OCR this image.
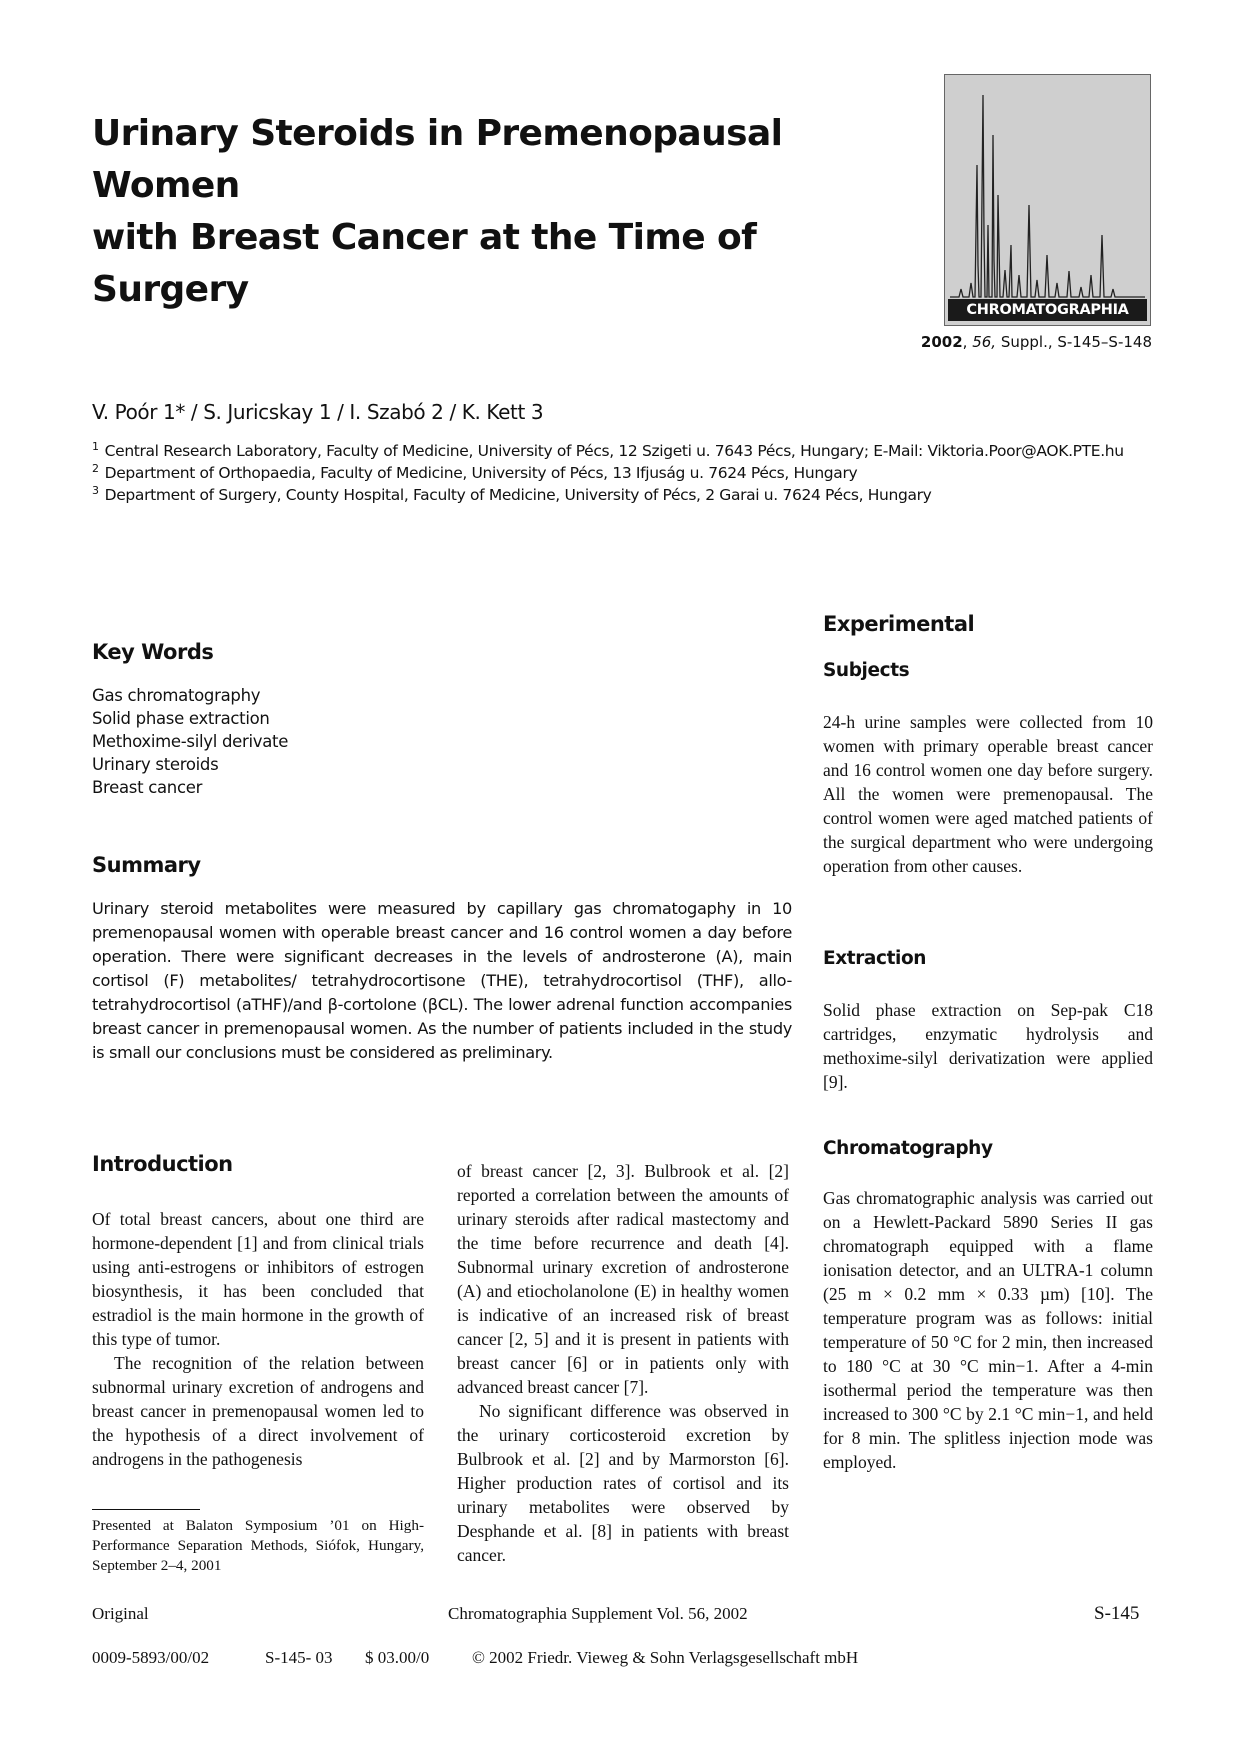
Urinary Steroids in Premenopausal Women
with Breast Cancer at the Time of Surgery	CHROMATOGRAPHIA
2002, 56, Suppl., S-145–S-148
V. Poór 1* / S. Juricskay 1 / I. Szabó 2 / K. Kett 3
$^1$ Central Research Laboratory, Faculty of Medicine, University of Pécs, 12 Szigeti u. 7643 Pécs, Hungary; E-Mail: Viktoria.Poor@AOK.PTE.hu
$^2$ Department of Orthopaedia, Faculty of Medicine, University of Pécs, 13 Ifjuság u. 7624 Pécs, Hungary
$^3$ Department of Surgery, County Hospital, Faculty of Medicine, University of Pécs, 2 Garai u. 7624 Pécs, Hungary
Key Words
Gas chromatography
Solid phase extraction
Methoxime-silyl derivate
Urinary steroids
Breast cancer
Summary
Urinary steroid metabolites were measured by capillary gas chromatogaphy in 10 premenopausal women with operable breast cancer and 16 control women a day before operation. There were significant decreases in the levels of androsterone (A), main cortisol (F) metabolites/ tetrahydrocortisone (THE), tetrahydrocortisol (THF), allo-tetrahydrocortisol (aTHF)/and β-cortolone (βCL). The lower adrenal function accompanies breast cancer in premenopausal women. As the number of patients included in the study is small our conclusions must be considered as preliminary.
Introduction

Of total breast cancers, about one third are hormone-dependent [1] and from clinical trials using anti-estrogens or inhibitors of estrogen biosynthesis, it has been concluded that estradiol is the main hormone in the growth of this type of tumor.

The recognition of the relation between subnormal urinary excretion of androgens and breast cancer in premenopausal women led to the hypothesis of a direct involvement of androgens in the pathogenesis

Presented at Balaton Symposium ’01 on High-Performance Separation Methods, Siófok, Hungary, September 2–4, 2001

of breast cancer [2, 3]. Bulbrook et al. [2] reported a correlation between the amounts of urinary steroids after radical mastectomy and the time before recurrence and death [4]. Subnormal urinary excretion of androsterone (A) and etiocholanolone (E) in healthy women is indicative of an increased risk of breast cancer [2, 5] and it is present in patients with breast cancer [6] or in patients only with advanced breast cancer [7].

No significant difference was observed in the urinary corticosteroid excretion by Bulbrook et al. [2] and by Marmorston [6]. Higher production rates of cortisol and its urinary metabolites were observed by Desphande et al. [8] in patients with breast cancer.

Experimental
Subjects
24-h urine samples were collected from 10 women with primary operable breast cancer and 16 control women one day before surgery. All the women were premenopausal. The control women were aged matched patients of the surgical department who were undergoing operation from other causes.
Extraction
Solid phase extraction on Sep-pak C18 cartridges, enzymatic hydrolysis and methoxime-silyl derivatization were applied [9].
Chromatography
Gas chromatographic analysis was carried out on a Hewlett-Packard 5890 Series II gas chromatograph equipped with a flame ionisation detector, and an ULTRA-1 column (25 m × 0.2 mm × 0.33 µm) [10]. The temperature program was as follows: initial temperature of 50 °C for 2 min, then increased to 180 °C at 30 °C min−1. After a 4-min isothermal period the temperature was then increased to 300 °C by 2.1 °C min−1, and held for 8 min. The splitless injection mode was employed.
Original	Chromatographia Supplement Vol. 56, 2002	S-145
0009-5893/00/02	S-145- 03 $ 03.00/0	© 2002 Friedr. Vieweg & Sohn Verlagsgesellschaft mbH
